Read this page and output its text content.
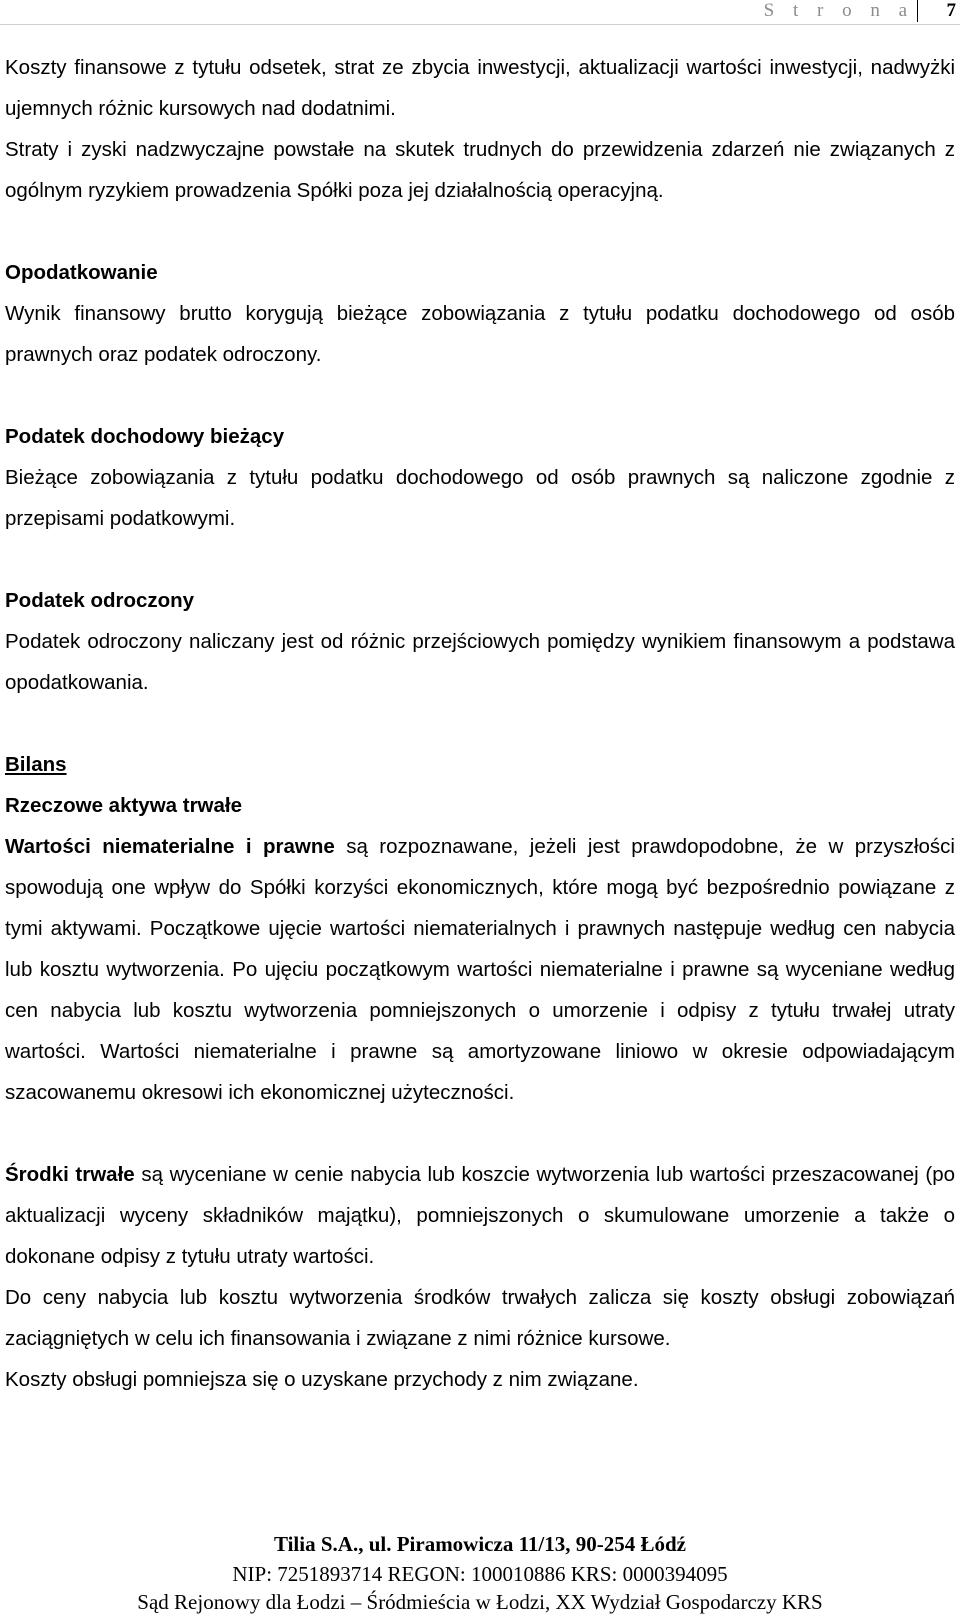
S t r o n a 7

Koszty finansowe z tytułu odsetek, strat ze zbycia inwestycji, aktualizacji wartości inwestycji, nadwyżki ujemnych różnic kursowych nad dodatnimi.

Straty i zyski nadzwyczajne powstałe na skutek trudnych do przewidzenia zdarzeń nie związanych z ogólnym ryzykiem prowadzenia Spółki poza jej działalnością operacyjną.

Opodatkowanie

Wynik finansowy brutto korygują bieżące zobowiązania z tytułu podatku dochodowego od osób prawnych oraz podatek odroczony.

Podatek dochodowy bieżący

Bieżące zobowiązania z tytułu podatku dochodowego od osób prawnych są naliczone zgodnie z przepisami podatkowymi.

Podatek odroczony

Podatek odroczony naliczany jest od różnic przejściowych pomiędzy wynikiem finansowym a podstawa opodatkowania.

Bilans

Rzeczowe aktywa trwałe

Wartości niematerialne i prawne są rozpoznawane, jeżeli jest prawdopodobne, że w przyszłości spowodują one wpływ do Spółki korzyści ekonomicznych, które mogą być bezpośrednio powiązane z tymi aktywami. Początkowe ujęcie wartości niematerialnych i prawnych następuje według cen nabycia lub kosztu wytworzenia. Po ujęciu początkowym wartości niematerialne i prawne są wyceniane według cen nabycia lub kosztu wytworzenia pomniejszonych o umorzenie i odpisy z tytułu trwałej utraty wartości. Wartości niematerialne i prawne są amortyzowane liniowo w okresie odpowiadającym szacowanemu okresowi ich ekonomicznej użyteczności.

Środki trwałe są wyceniane w cenie nabycia lub koszcie wytworzenia lub wartości przeszacowanej (po aktualizacji wyceny składników majątku), pomniejszonych o skumulowane umorzenie a także o dokonane odpisy z tytułu utraty wartości.

Do ceny nabycia lub kosztu wytworzenia środków trwałych zalicza się koszty obsługi zobowiązań zaciągniętych w celu ich finansowania i związane z nimi różnice kursowe.

Koszty obsługi pomniejsza się o uzyskane przychody z nim związane.

Tilia S.A., ul. Piramowicza 11/13, 90-254 Łódź
NIP: 7251893714 REGON: 100010886 KRS: 0000394095
Sąd Rejonowy dla Łodzi – Śródmieścia w Łodzi, XX Wydział Gospodarczy KRS
